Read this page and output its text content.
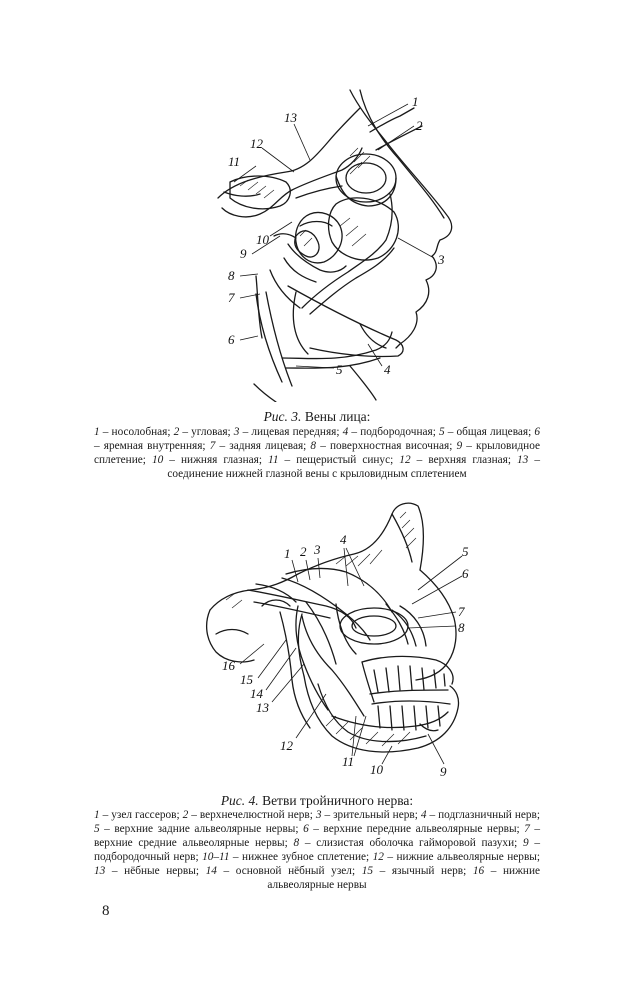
1
2
3
4
5
6
7
8
9
10
11
12
13
Рис. 3. Вены лица:
1 – носолобная; 2 – угловая; 3 – лицевая передняя; 4 – подбородочная; 5 – общая лицевая; 6 – яремная внутренняя; 7 – задняя лицевая; 8 – поверхностная височная; 9 – крыловидное сплетение; 10 – нижняя глазная; 11 – пещеристый синус; 12 – верхняя глазная; 13 – соединение нижней глазной вены с крыловидным сплетением
1 2 3
4
5
6
7
8
9
10
11
12
13
14
15
16
Рис. 4. Ветви тройничного нерва:
1 – узел гассеров; 2 – верхнечелюстной нерв; 3 – зрительный нерв; 4 – подглазничный нерв; 5 – верхние задние альвеолярные нервы; 6 – верхние передние альвеолярные нервы; 7 – верхние средние альвеолярные нервы; 8 – слизистая оболочка гайморовой пазухи; 9 – подбородочный нерв; 10–11 – нижнее зубное сплетение; 12 – нижние альвеолярные нервы; 13 – нёбные нервы; 14 – основной нёбный узел; 15 – язычный нерв; 16 – нижние альвеолярные нервы
8
